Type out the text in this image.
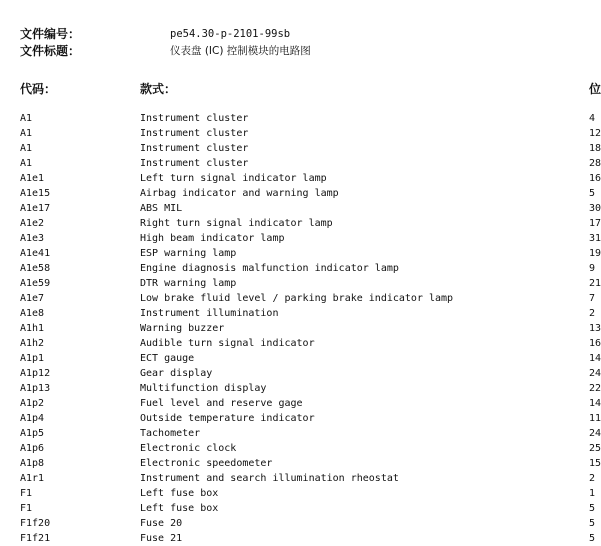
文件编号：	pe54.30-p-2101-99sb
文件标题：	仪表盘 (IC) 控制模块的电路图
代码：	款式：	位
A1	Instrument cluster	4
A1	Instrument cluster	12
A1	Instrument cluster	18
A1	Instrument cluster	28
A1e1	Left turn signal indicator lamp	16
A1e15	Airbag indicator and warning lamp	5
A1e17	ABS MIL	30
A1e2	Right turn signal indicator lamp	17
A1e3	High beam indicator lamp	31
A1e41	ESP warning lamp	19
A1e58	Engine diagnosis malfunction indicator lamp	9
A1e59	DTR warning lamp	21
A1e7	Low brake fluid level / parking brake indicator lamp	7
A1e8	Instrument illumination	2
A1h1	Warning buzzer	13
A1h2	Audible turn signal indicator	16
A1p1	ECT gauge	14
A1p12	Gear display	24
A1p13	Multifunction display	22
A1p2	Fuel level and reserve gage	14
A1p4	Outside temperature indicator	11
A1p5	Tachometer	24
A1p6	Electronic clock	25
A1p8	Electronic speedometer	15
A1r1	Instrument and search illumination rheostat	2
F1	Left fuse box	1
F1	Left fuse box	5
F1f20	Fuse 20	5
F1f21	Fuse 21	5
